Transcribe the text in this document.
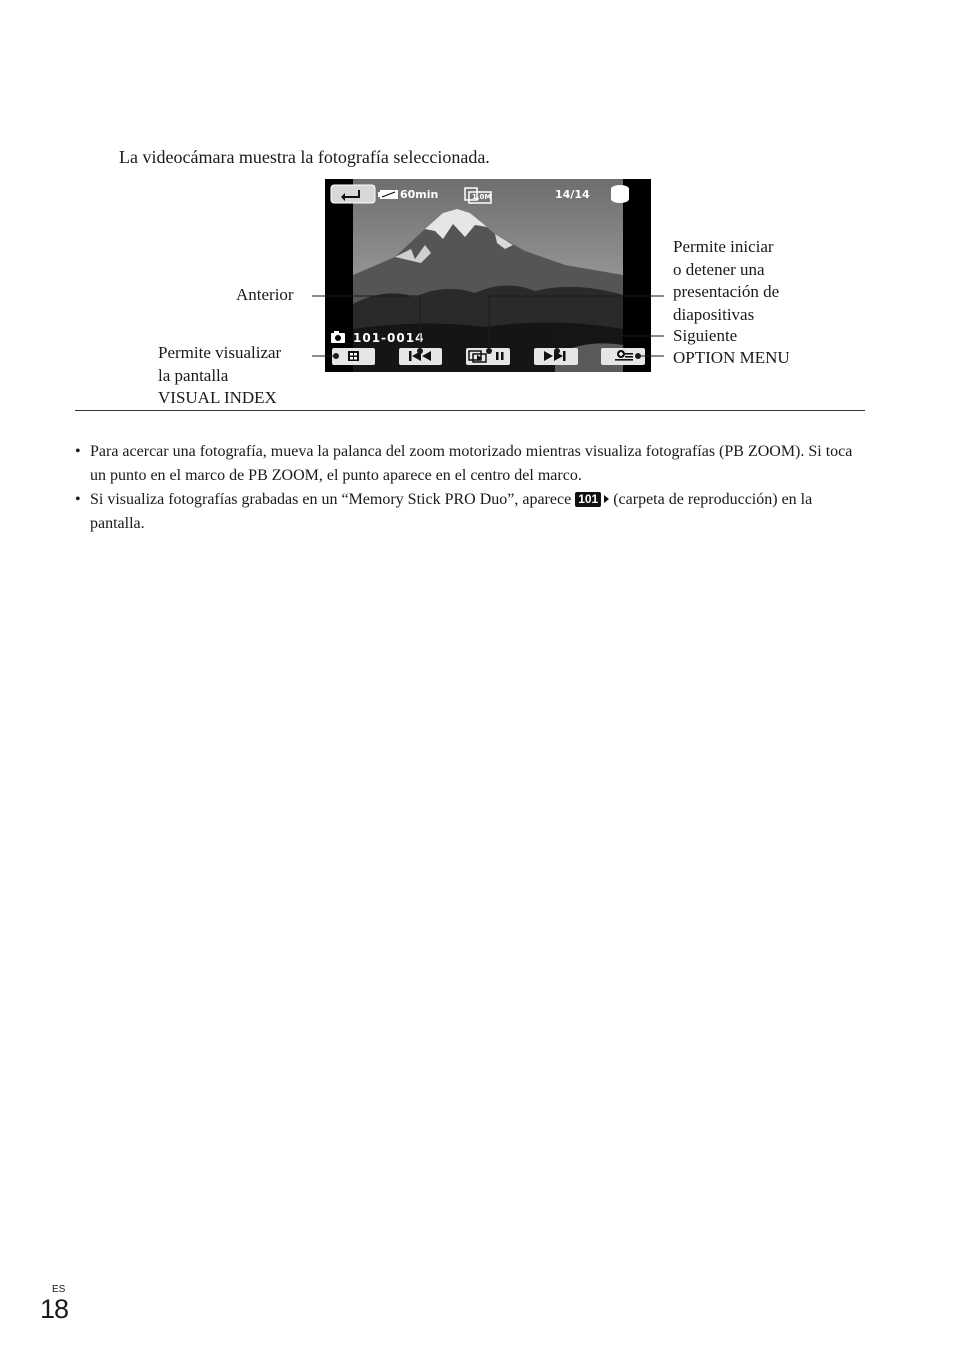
La videocámara muestra la fotografía seleccionada.
60min	1,0M	14/14
101-0014
Anterior
Permite visualizar
la pantalla
VISUAL INDEX
Permite iniciar
o detener una
presentación de
diapositivas
Siguiente
OPTION MENU
• Para acercar una fotografía, mueva la palanca del zoom motorizado mientras visualiza fotografías (PB ZOOM). Si toca un punto en el marco de PB ZOOM, el punto aparece en el centro del marco.
• Si visualiza fotografías grabadas en un “Memory Stick PRO Duo”, aparece 101 (carpeta de reproducción) en la pantalla.
ES
18
